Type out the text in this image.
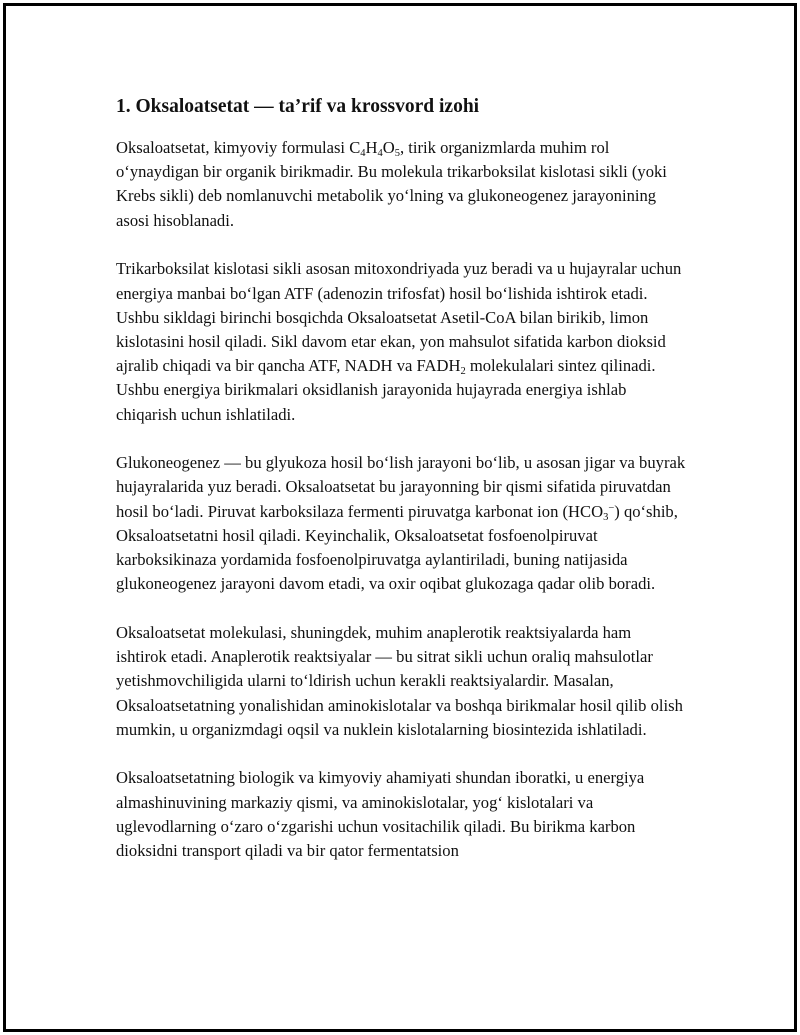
1. Oksaloatsetat — ta’rif va krossvord izohi

Oksaloatsetat, kimyoviy formulasi $C_4H_4O_5$, tirik organizmlarda muhim rol o‘ynaydigan bir organik birikmadir. Bu molekula trikarboksilat kislotasi sikli (yoki Krebs sikli) deb nomlanuvchi metabolik yo‘lning va glukoneogenez jarayonining asosi hisoblanadi.

Trikarboksilat kislotasi sikli asosan mitoxondriyada yuz beradi va u hujayralar uchun energiya manbai bo‘lgan ATF (adenozin trifosfat) hosil bo‘lishida ishtirok etadi. Ushbu sikldagi birinchi bosqichda Oksaloatsetat Asetil-CoA bilan birikib, limon kislotasini hosil qiladi. Sikl davom etar ekan, yon mahsulot sifatida karbon dioksid ajralib chiqadi va bir qancha ATF, NADH va $FADH_2$ molekulalari sintez qilinadi. Ushbu energiya birikmalari oksidlanish jarayonida hujayrada energiya ishlab chiqarish uchun ishlatiladi.

Glukoneogenez — bu glyukoza hosil bo‘lish jarayoni bo‘lib, u asosan jigar va buyrak hujayralarida yuz beradi. Oksaloatsetat bu jarayonning bir qismi sifatida piruvatdan hosil bo‘ladi. Piruvat karboksilaza fermenti piruvatga karbonat ion $(HCO_3^-)$ qo‘shib, Oksaloatsetatni hosil qiladi. Keyinchalik, Oksaloatsetat fosfoenolpiruvat karboksikinaza yordamida fosfoenolpiruvatga aylantiriladi, buning natijasida glukoneogenez jarayoni davom etadi, va oxir oqibat glukozaga qadar olib boradi.

Oksaloatsetat molekulasi, shuningdek, muhim anaplerotik reaktsiyalarda ham ishtirok etadi. Anaplerotik reaktsiyalar — bu sitrat sikli uchun oraliq mahsulotlar yetishmovchiligida ularni to‘ldirish uchun kerakli reaktsiyalardir. Masalan, Oksaloatsetatning yonalishidan aminokislotalar va boshqa birikmalar hosil qilib olish mumkin, u organizmdagi oqsil va nuklein kislotalarning biosintezida ishlatiladi.

Oksaloatsetatning biologik va kimyoviy ahamiyati shundan iboratki, u energiya almashinuvining markaziy qismi, va aminokislotalar, yog‘ kislotalari va uglevodlarning o‘zaro o‘zgarishi uchun vositachilik qiladi. Bu birikma karbon dioksidni transport qiladi va bir qator fermentatsion
